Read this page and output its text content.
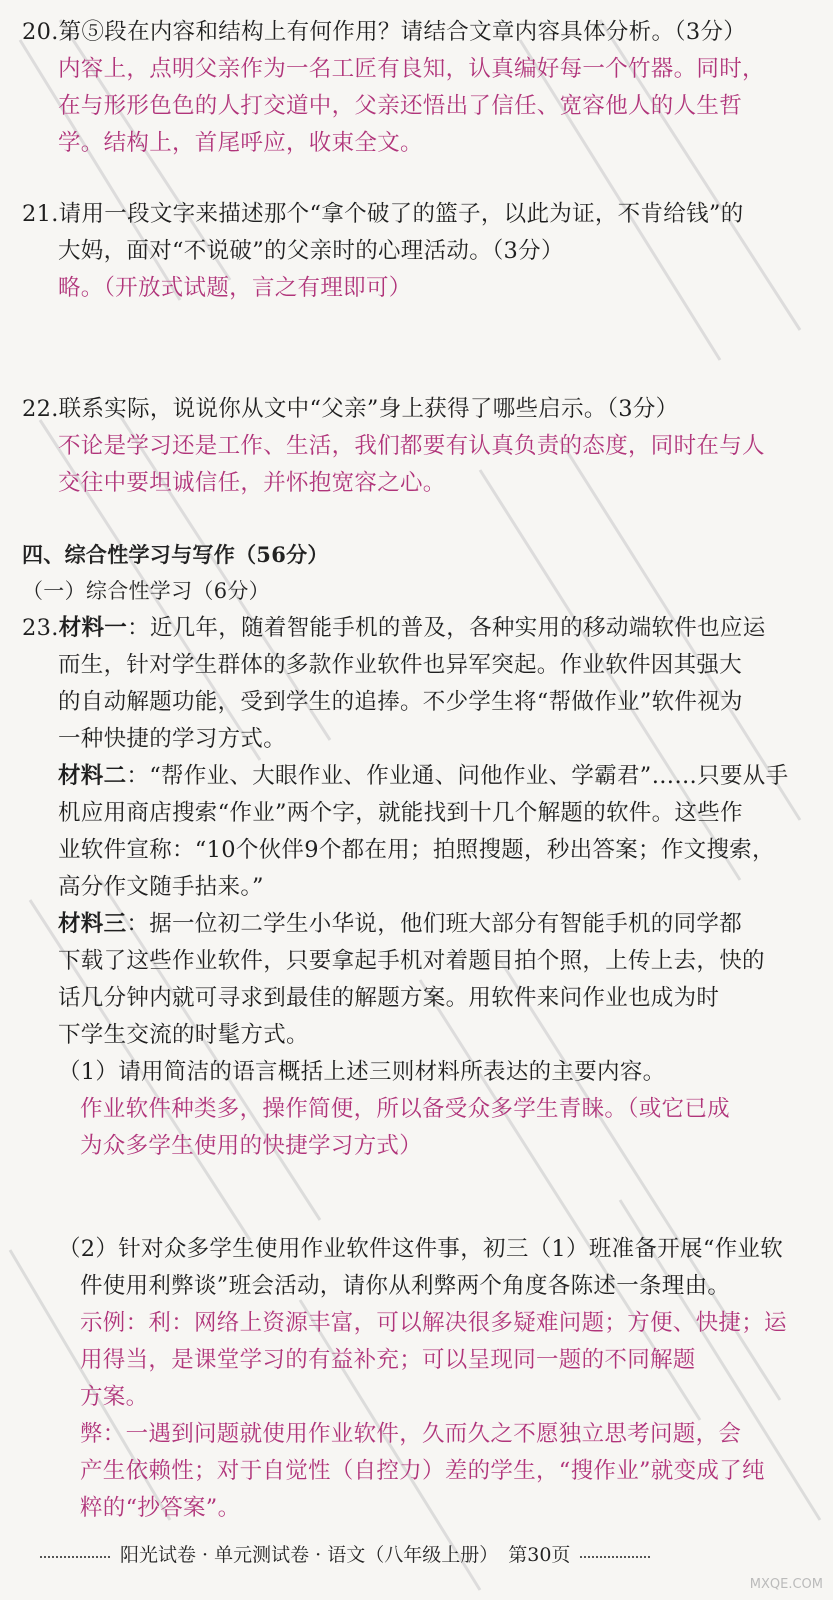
20.第⑤段在内容和结构上有何作用？请结合文章内容具体分析。（3分）
内容上，点明父亲作为一名工匠有良知，认真编好每一个竹器。同时，
在与形形色色的人打交道中，父亲还悟出了信任、宽容他人的人生哲
学。结构上，首尾呼应，收束全文。
21.请用一段文字来描述那个“拿个破了的篮子，以此为证，不肯给钱”的
大妈，面对“不说破”的父亲时的心理活动。（3分）
略。（开放式试题，言之有理即可）
22.联系实际，说说你从文中“父亲”身上获得了哪些启示。（3分）
不论是学习还是工作、生活，我们都要有认真负责的态度，同时在与人
交往中要坦诚信任，并怀抱宽容之心。
四、综合性学习与写作（56分）
（一）综合性学习（6分）
23.材料一：近几年，随着智能手机的普及，各种实用的移动端软件也应运
而生，针对学生群体的多款作业软件也异军突起。作业软件因其强大
的自动解题功能，受到学生的追捧。不少学生将“帮做作业”软件视为
一种快捷的学习方式。
材料二：“帮作业、大眼作业、作业通、问他作业、学霸君”……只要从手
机应用商店搜索“作业”两个字，就能找到十几个解题的软件。这些作
业软件宣称：“10个伙伴9个都在用；拍照搜题，秒出答案；作文搜索，
高分作文随手拈来。”
材料三：据一位初二学生小华说，他们班大部分有智能手机的同学都
下载了这些作业软件，只要拿起手机对着题目拍个照，上传上去，快的
话几分钟内就可寻求到最佳的解题方案。用软件来问作业也成为时
下学生交流的时髦方式。
（1）请用简洁的语言概括上述三则材料所表达的主要内容。
作业软件种类多，操作简便，所以备受众多学生青睐。（或它已成
为众多学生使用的快捷学习方式）
（2）针对众多学生使用作业软件这件事，初三（1）班准备开展“作业软
件使用利弊谈”班会活动，请你从利弊两个角度各陈述一条理由。
示例：利：网络上资源丰富，可以解决很多疑难问题；方便、快捷；运
用得当，是课堂学习的有益补充；可以呈现同一题的不同解题
方案。
弊：一遇到问题就使用作业软件，久而久之不愿独立思考问题，会
产生依赖性；对于自觉性（自控力）差的学生，“搜作业”就变成了纯
粹的“抄答案”。
阳光试卷 · 单元测试卷 · 语文（八年级上册） 第30页
MXQE.COM
